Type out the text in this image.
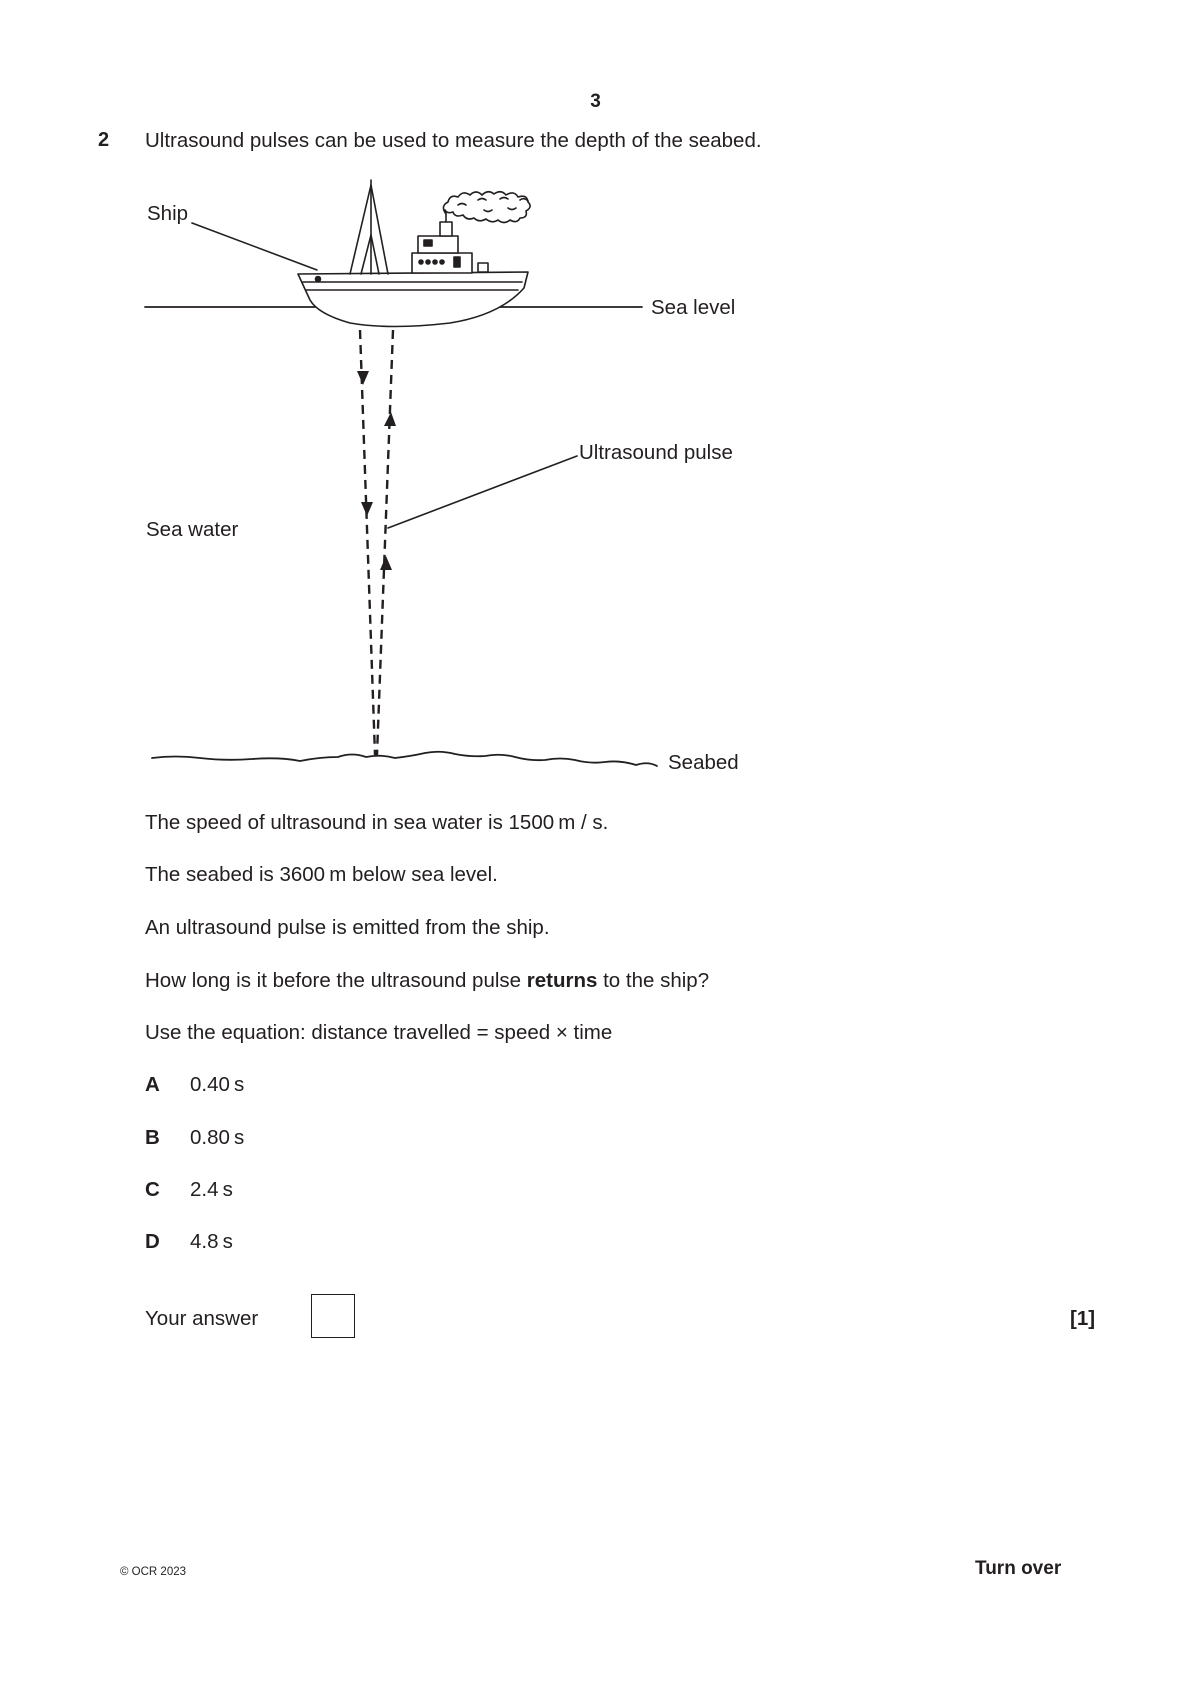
3
2 Ultrasound pulses can be used to measure the depth of the seabed.
Ship
Sea level
Ultrasound pulse
Sea water
Seabed
The speed of ultrasound in sea water is 1500  m / s.
The seabed is 3600  m below sea level.
An ultrasound pulse is emitted from the ship.
How long is it before the ultrasound pulse returns to the ship?
Use the equation: distance travelled = speed × time
A 0.40  s
B 0.80  s
C 2.4  s
D 4.8  s
Your answer	[1]
© OCR 2023	Turn over
